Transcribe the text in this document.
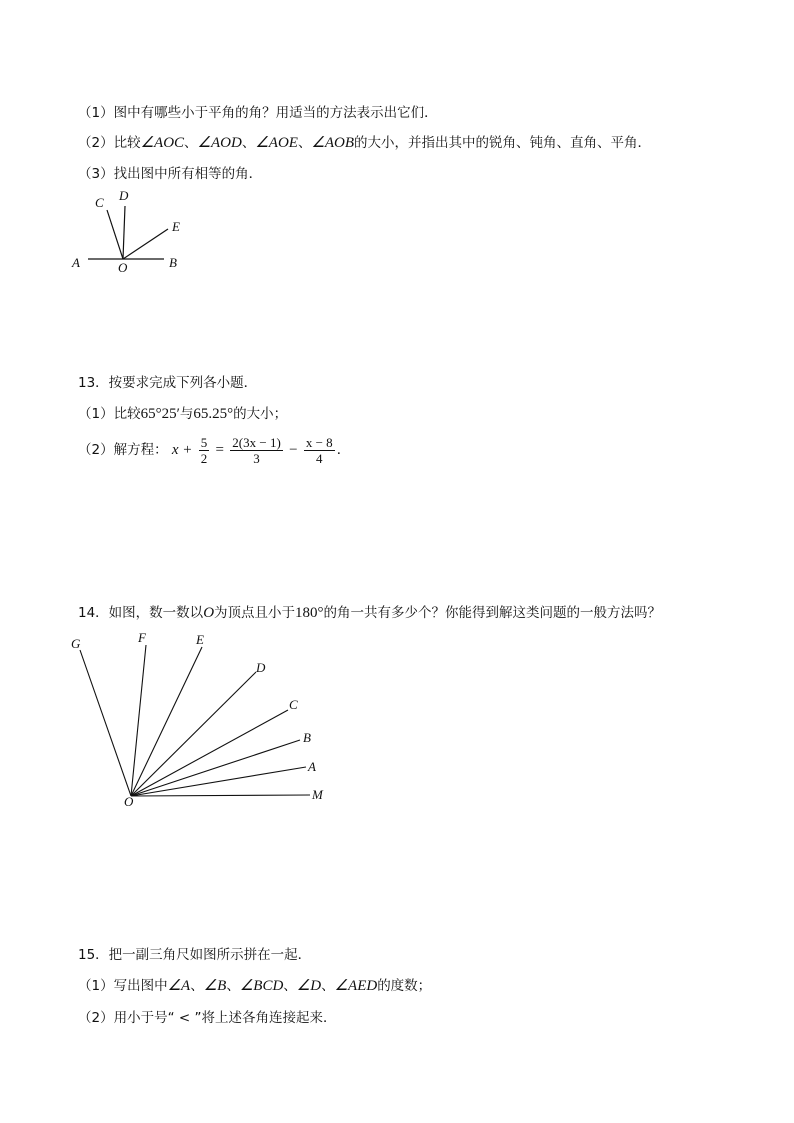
（1）图中有哪些小于平角的角？用适当的方法表示出它们．
（2）比较∠AOC、∠AOD、∠AOE、∠AOB的大小，并指出其中的锐角、钝角、直角、平角．
（3）找出图中所有相等的角．
C D
E
A	O	B
13．按要求完成下列各小题．
（1）比较65°25′与65.25°的大小；
（2）解方程： $x + \frac{5}{2} = \frac{2(3x - 1)}{3} - \frac{x - 8}{4}$ ．
14．如图，数一数以O为顶点且小于180°的角一共有多少个？你能得到解这类问题的一般方法吗？
G	F	E
D
C
B
A
M
O
15．把一副三角尺如图所示拼在一起．
（1）写出图中∠A、∠B、∠BCD、∠D、∠AED的度数；
（2）用小于号“ < ”将上述各角连接起来．
